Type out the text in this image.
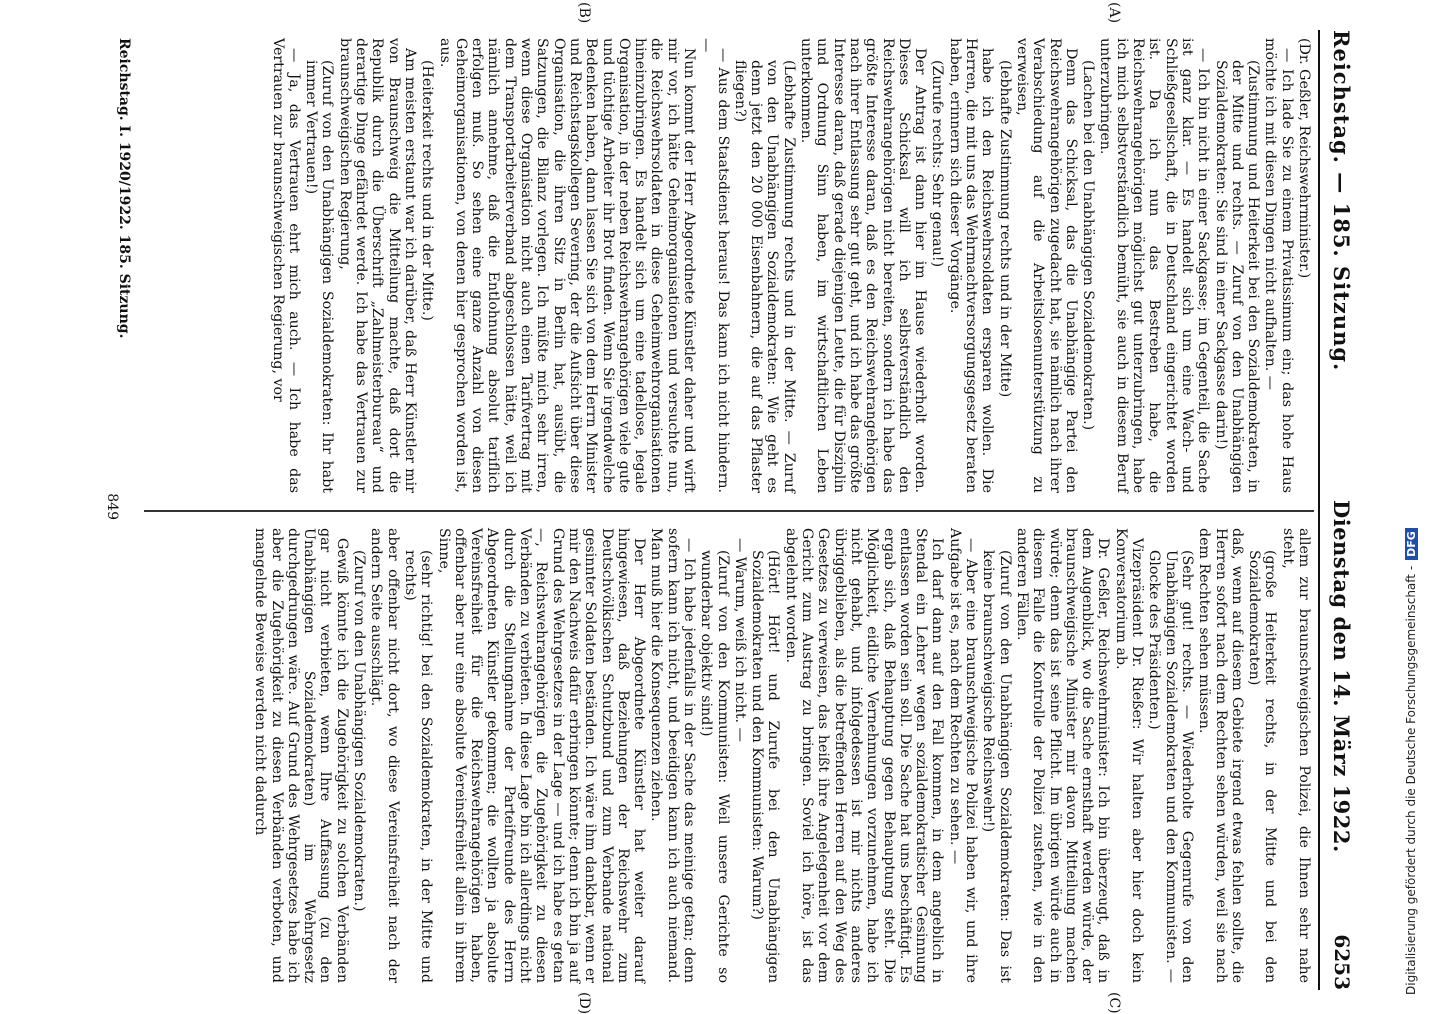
Reichstag. — 185. Sitzung.
Dienstag den 14. März 1922.
6253
(A)
(B)
(C)
(D)
(Dr. Geßler, Reichswehrminister.)
— Ich lade Sie zu einem Privatissimum ein; das hohe Haus möchte ich mit diesen Dingen nicht aufhalten. —
(Zustimmung und Heiterkeit bei den Sozialdemokraten, in der Mitte und rechts. — Zuruf von den Unabhängigen Sozialdemokraten: Sie sind in einer Sackgasse darin!)
— Ich bin nicht in einer Sackgasse; im Gegenteil, die Sache ist ganz klar. — Es handelt sich um eine Wach- und Schließgesellschaft, die in Deutschland eingerichtet worden ist. Da ich nun das Bestreben habe, die Reichswehrangehörigen möglichst gut unterzubringen, habe ich mich selbstverständlich bemüht, sie auch in diesem Beruf unterzubringen.
(Lachen bei den Unabhängigen Sozialdemokraten.)
Denn das Schicksal, das die Unabhängige Partei den Reichswehrangehörigen zugedacht hat, sie nämlich nach ihrer Verabschiedung auf die Arbeitslosenunterstützung zu verweisen,
(lebhafte Zustimmung rechts und in der Mitte)
habe ich den Reichswehrsoldaten ersparen wollen. Die Herren, die mit uns das Wehrmachtversorgungsgesetz beraten haben, erinnern sich dieser Vorgänge.
(Zurufe rechts: Sehr genau!)
Der Antrag ist dann hier im Hause wiederholt worden. Dieses Schicksal will ich selbstverständlich den Reichswehrangehörigen nicht bereiten, sondern ich habe das größte Interesse daran, daß es den Reichswehrangehörigen nach ihrer Entlassung sehr gut geht, und ich habe das größte Interesse daran, daß gerade diejenigen Leute, die für Disziplin und Ordnung Sinn haben, im wirtschaftlichen Leben unterkommen.
(Lebhafte Zustimmung rechts und in der Mitte. — Zuruf von den Unabhängigen Sozialdemokraten: Wie geht es denn jetzt den 20 000 Eisenbahnern, die auf das Pflaster fliegen?)
— Aus dem Staatsdienst heraus! Das kann ich nicht hindern. —
Nun kommt der Herr Abgeordnete Künstler daher und wirft mir vor, ich hätte Geheimorganisationen und versuchte nun, die Reichswehrsoldaten in diese Geheimwehrorganisationen hineinzubringen. Es handelt sich um eine tadellose, legale Organisation, in der neben Reichswehrangehörigen viele gute und tüchtige Arbeiter ihr Brot finden. Wenn Sie irgendwelche Bedenken haben, dann lassen Sie sich von dem Herrn Minister und Reichstagskollegen Severing, der die Aufsicht über diese Organisation, die ihren Sitz in Berlin hat, ausübt, die Satzungen, die Bilanz vorlegen. Ich müßte mich sehr irren, wenn diese Organisation nicht auch einen Tarifvertrag mit dem Transportarbeiterverband abgeschlossen hätte, weil ich nämlich annehme, daß die Entlohnung absolut tariflich erfolgen muß. So sehen eine ganze Anzahl von diesen Geheimorganisationen, von denen hier gesprochen worden ist, aus.
(Heiterkeit rechts und in der Mitte.)
Am meisten erstaunt war ich darüber, daß Herr Künstler mir von Braunschweig die Mitteilung machte, daß dort die Republik durch die Überschrift „Zahlmeisterbureau“ und derartige Dinge gefährdet werde. Ich habe das Vertrauen zur braunschweigischen Regierung,
(Zuruf von den Unabhängigen Sozialdemokraten: Ihr habt immer Vertrauen!)
— Ja, das Vertrauen ehrt mich auch. — Ich habe das Vertrauen zur braunschweigischen Regierung, vor
allem zur braunschweigischen Polizei, die Ihnen sehr nahe steht,
(große Heiterkeit rechts, in der Mitte und bei den Sozialdemokraten)
daß, wenn auf diesem Gebiete irgend etwas fehlen sollte, die Herren sofort nach dem Rechten sehen würden, weil sie nach dem Rechten sehen müssen.
(Sehr gut! rechts. — Wiederholte Gegenrufe von den Unabhängigen Sozialdemokraten und den Kommunisten. — Glocke des Präsidenten.)
Vizepräsident Dr. Rießer: Wir halten aber hier doch kein Konversatorium ab.
Dr. Geßler, Reichswehrminister: Ich bin überzeugt, daß in dem Augenblick, wo die Sache ernsthaft werden würde, der braunschweigische Minister mir davon Mitteilung machen würde; denn das ist seine Pflicht. Im übrigen würde auch in diesem Falle die Kontrolle der Polizei zustehen, wie in den anderen Fällen.
(Zuruf von den Unabhängigen Sozialdemokraten: Das ist keine braunschweigische Reichswehr!)
— Aber eine braunschweigische Polizei haben wir, und ihre Aufgabe ist es, nach dem Rechten zu sehen. —
Ich darf dann auf den Fall kommen, in dem angeblich in Stendal ein Lehrer wegen sozialdemokratischer Gesinnung entlassen worden sein soll. Die Sache hat uns beschäftigt. Es ergab sich, daß Behauptung gegen Behauptung steht. Die Möglichkeit, eidliche Vernehmungen vorzunehmen, habe ich nicht gehabt, und infolgedessen ist mir nichts anderes übriggeblieben, als die betreffenden Herren auf den Weg des Gesetzes zu verweisen, das heißt ihre Angelegenheit vor dem Gericht zum Austrag zu bringen. Soviel ich höre, ist das abgelehnt worden.
(Hört! Hört! und Zurufe bei den Unabhängigen Sozialdemokraten und den Kommunisten: Warum?)
— Warum, weiß ich nicht. —
(Zuruf von den Kommunisten: Weil unsere Gerichte so wunderbar objektiv sind!)
— Ich habe jedenfalls in der Sache das meinige getan; denn sofern kann ich nicht, und beeidigen kann ich auch niemand. Man muß hier die Konsequenzen ziehen.
Der Herr Abgeordnete Künstler hat weiter darauf hingewiesen, daß Beziehungen der Reichswehr zum Deutschvölkischen Schutzbund und zum Verbande national gesinnter Soldaten beständen. Ich wäre ihm dankbar, wenn er mir den Nachweis dafür erbringen könnte; denn ich bin ja auf Grund des Wehrgesetzes in der Lage — und ich habe es getan —, Reichswehrangehörigen die Zugehörigkeit zu diesen Verbänden zu verbieten. In diese Lage bin ich allerdings nicht durch die Stellungnahme der Parteifreunde des Herrn Abgeordneten Künstler gekommen; die wollten ja absolute Vereinsfreiheit für die Reichswehrangehörigen haben, offenbar aber nur eine absolute Vereinsfreiheit allein in ihrem Sinne,
(sehr richtig! bei den Sozialdemokraten, in der Mitte und rechts)
aber offenbar nicht dort, wo diese Vereinsfreiheit nach der andern Seite ausschlägt.
(Zuruf von den Unabhängigen Sozialdemokraten.)
Gewiß könnte ich die Zugehörigkeit zu solchen Verbänden gar nicht verbieten, wenn Ihre Auffassung (zu den Unabhängigen Sozialdemokraten) im Wehrgesetz durchgedrungen wäre. Auf Grund des Wehrgesetzes habe ich aber die Zugehörigkeit zu diesen Verbänden verboten, und mangelnde Beweise werden nicht dadurch
Reichstag. I. 1920/1922. 185. Sitzung.
849
Digitalisierung gefördert durch die Deutsche Forschungsgemeinschaft -DFG
